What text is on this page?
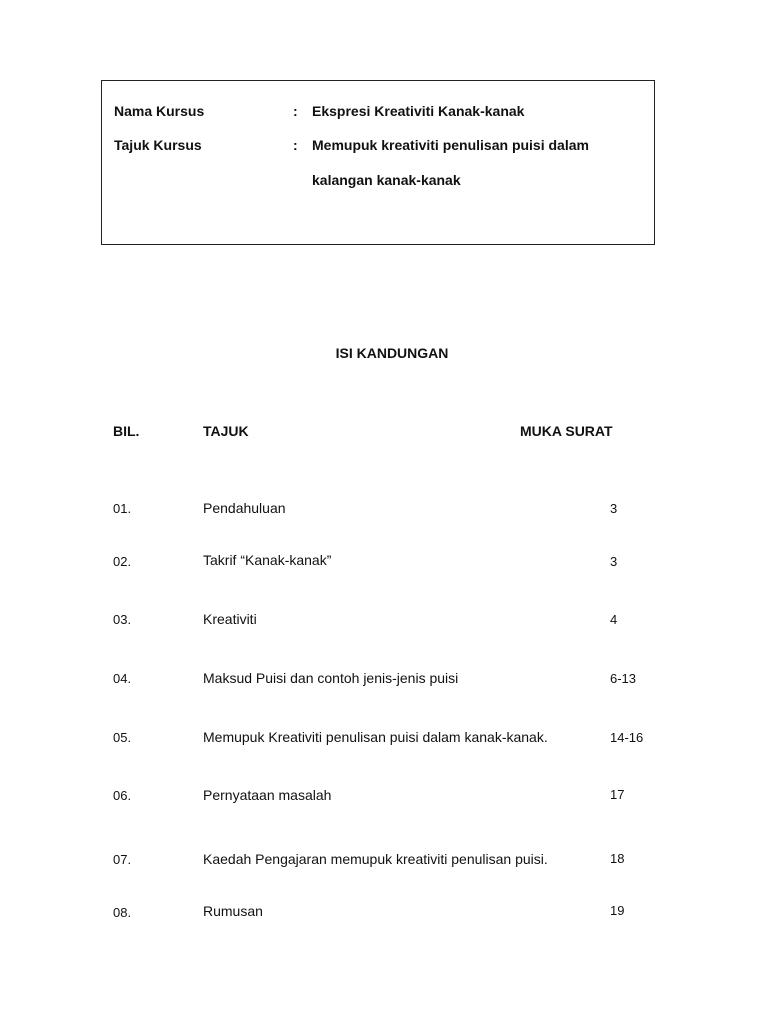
Nama Kursus	: Ekspresi Kreativiti Kanak-kanak
Tajuk Kursus	: Memupuk kreativiti penulisan puisi dalam
kalangan kanak-kanak
ISI KANDUNGAN
BIL.	TAJUK	MUKA SURAT
01.	Pendahuluan	3
02.	Takrif “Kanak-kanak”	3
03.	Kreativiti	4
04.	Maksud Puisi dan contoh jenis-jenis puisi	6-13
05.	Memupuk Kreativiti penulisan puisi dalam kanak-kanak.	14-16
06.	Pernyataan masalah	17
07.	Kaedah Pengajaran memupuk kreativiti penulisan puisi.	18
08.	Rumusan	19
